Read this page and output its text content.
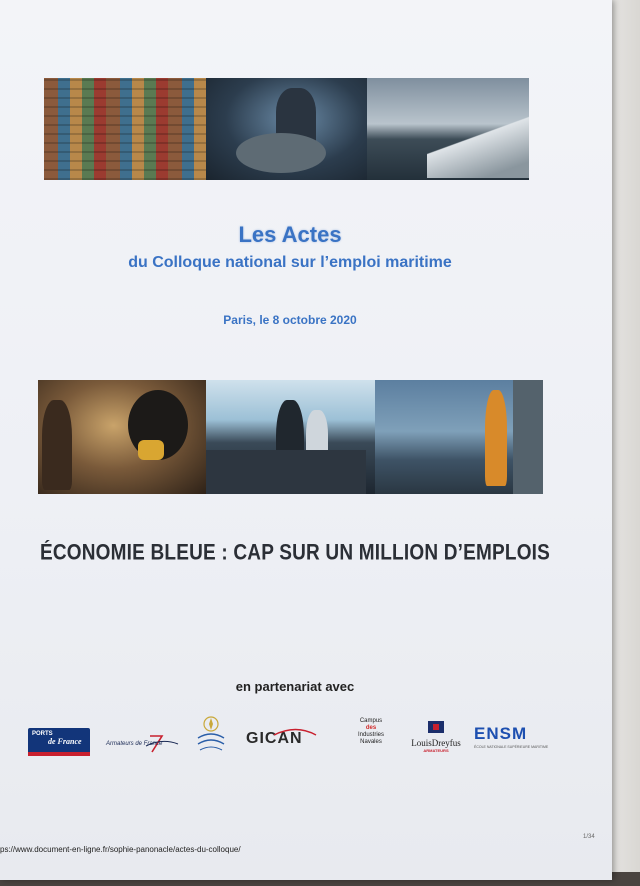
Les Actes
du Colloque national sur l’emploi maritime
Paris, le 8 octobre 2020
ÉCONOMIE BLEUE : CAP SUR UN MILLION D’EMPLOIS
en partenariat avec
PORTS
de France	Armateurs de France	GICAN
Campus
des
Industries
Navales	LouisDreyfus
ARMATEURS
ENSM
ÉCOLE NATIONALE SUPÉRIEURE MARITIME
1/34
ps://www.document-en-ligne.fr/sophie-panonacle/actes-du-colloque/
